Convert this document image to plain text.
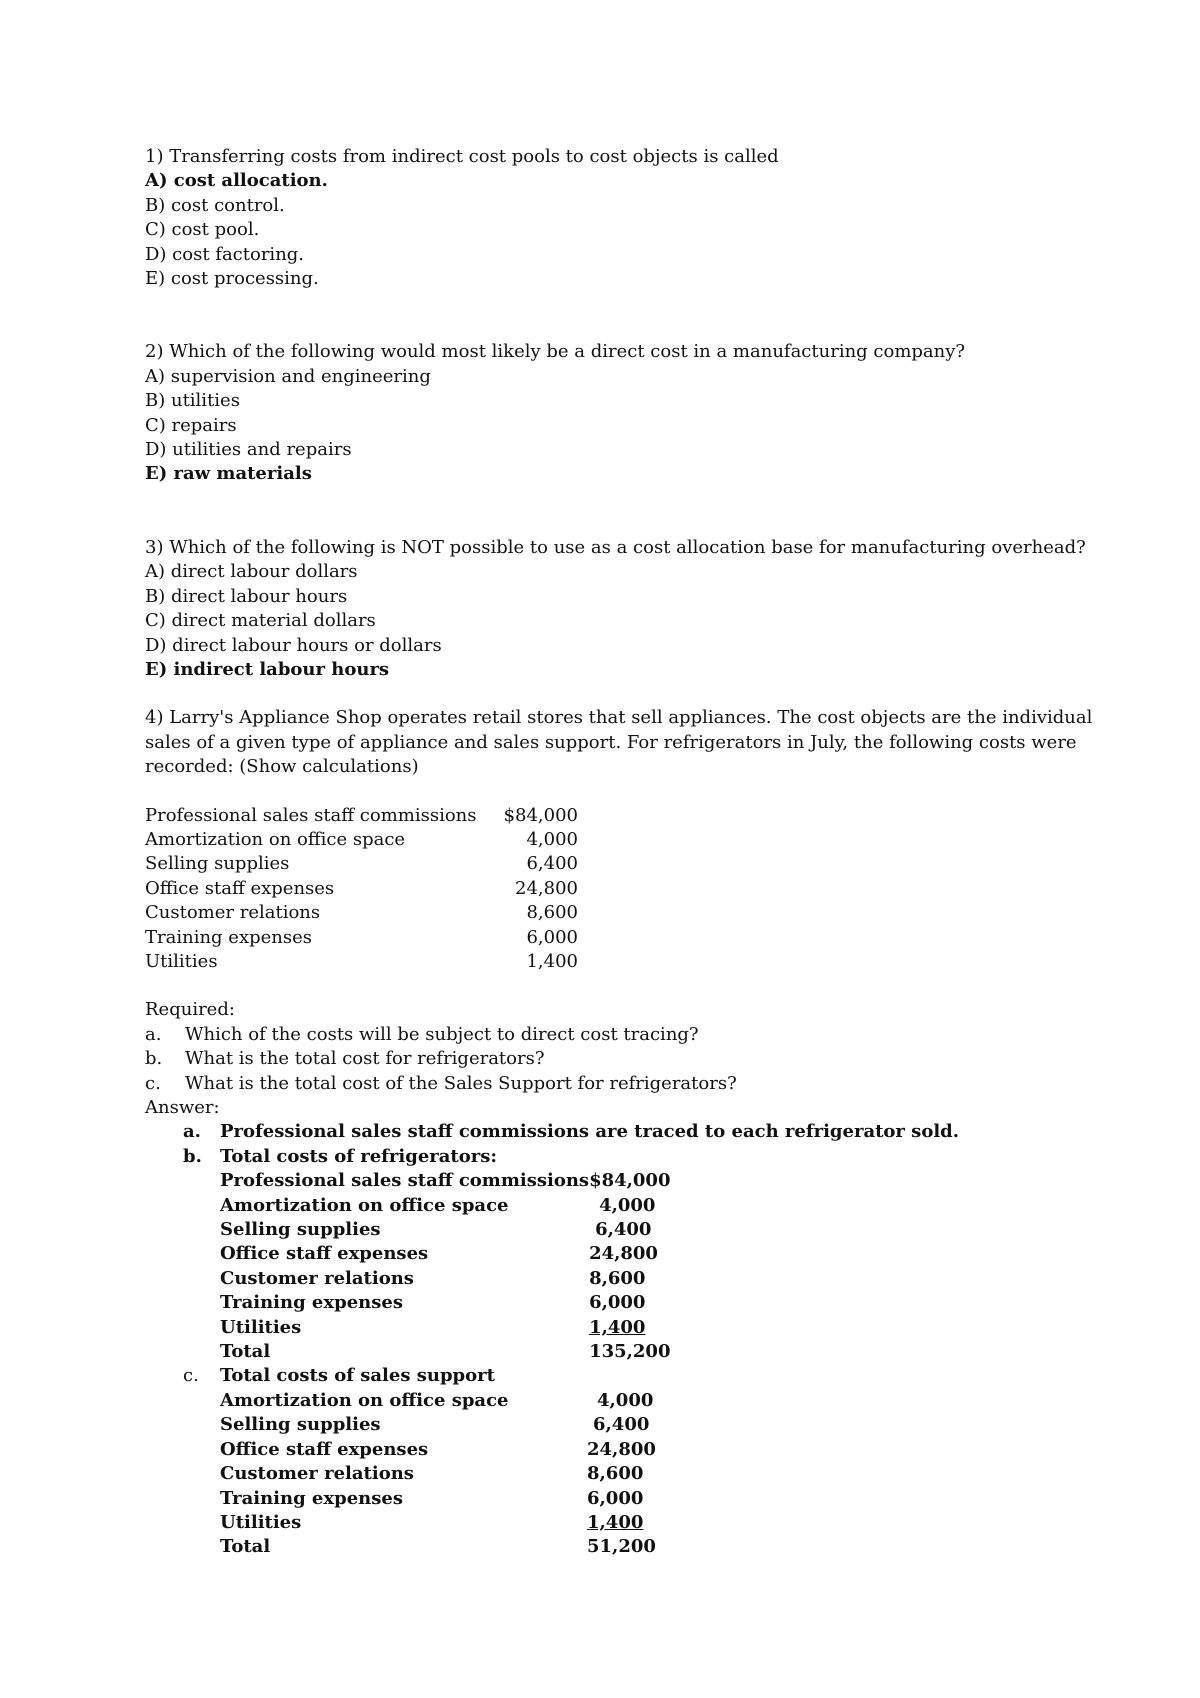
1) Transferring costs from indirect cost pools to cost objects is called
A) cost allocation.
B) cost control.
C) cost pool.
D) cost factoring.
E) cost processing.
2) Which of the following would most likely be a direct cost in a manufacturing company?
A) supervision and engineering
B) utilities
C) repairs
D) utilities and repairs
E) raw materials
3) Which of the following is NOT possible to use as a cost allocation base for manufacturing overhead?
A) direct labour dollars
B) direct labour hours
C) direct material dollars
D) direct labour hours or dollars
E) indirect labour hours
4) Larry's Appliance Shop operates retail stores that sell appliances. The cost objects are the individual
sales of a given type of appliance and sales support. For refrigerators in July, the following costs were
recorded: (Show calculations)
Professional sales staff commissions	$84,000
Amortization on office space	4,000
Selling supplies	6,400
Office staff expenses	24,800
Customer relations	8,600
Training expenses	6,000
Utilities	1,400
Required:
a.	Which of the costs will be subject to direct cost tracing?
b.	What is the total cost for refrigerators?
c.	What is the total cost of the Sales Support for refrigerators?
Answer:
a.	Professional sales staff commissions are traced to each refrigerator sold.
b.	Total costs of refrigerators:
Professional sales staff commissions	$84,000
Amortization on office space	4,000
Selling supplies	6,400
Office staff expenses	24,800
Customer relations	8,600
Training expenses	6,000
Utilities	1,400
Total	135,200
c.	Total costs of sales support
Amortization on office space	4,000
Selling supplies	6,400
Office staff expenses	24,800
Customer relations	8,600
Training expenses	6,000
Utilities	1,400
Total	51,200
